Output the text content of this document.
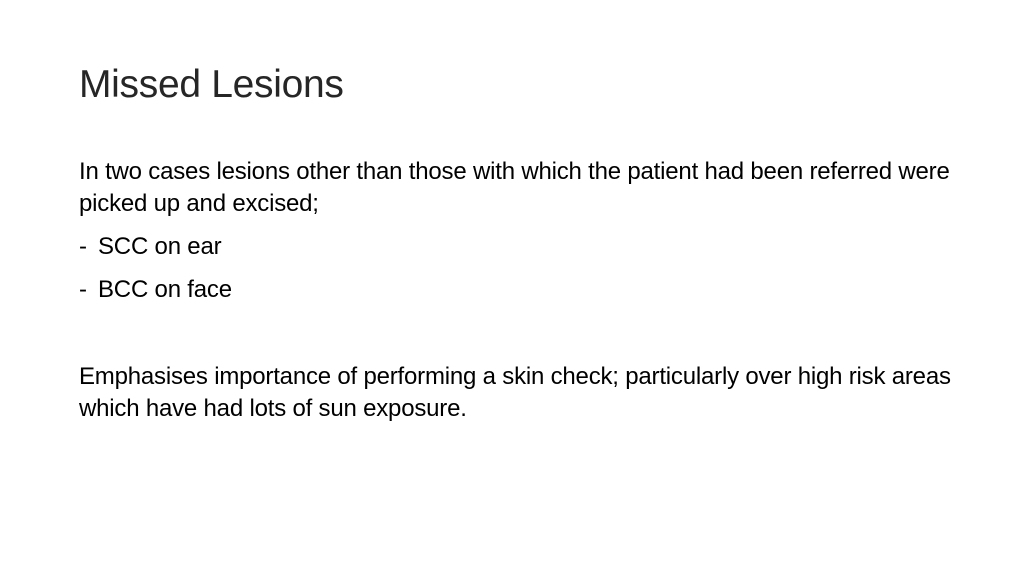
Missed Lesions

In two cases lesions other than those with which the patient had been referred were picked up and excised;

- SCC on ear
- BCC on face

Emphasises importance of performing a skin check; particularly over high risk areas which have had lots of sun exposure.
